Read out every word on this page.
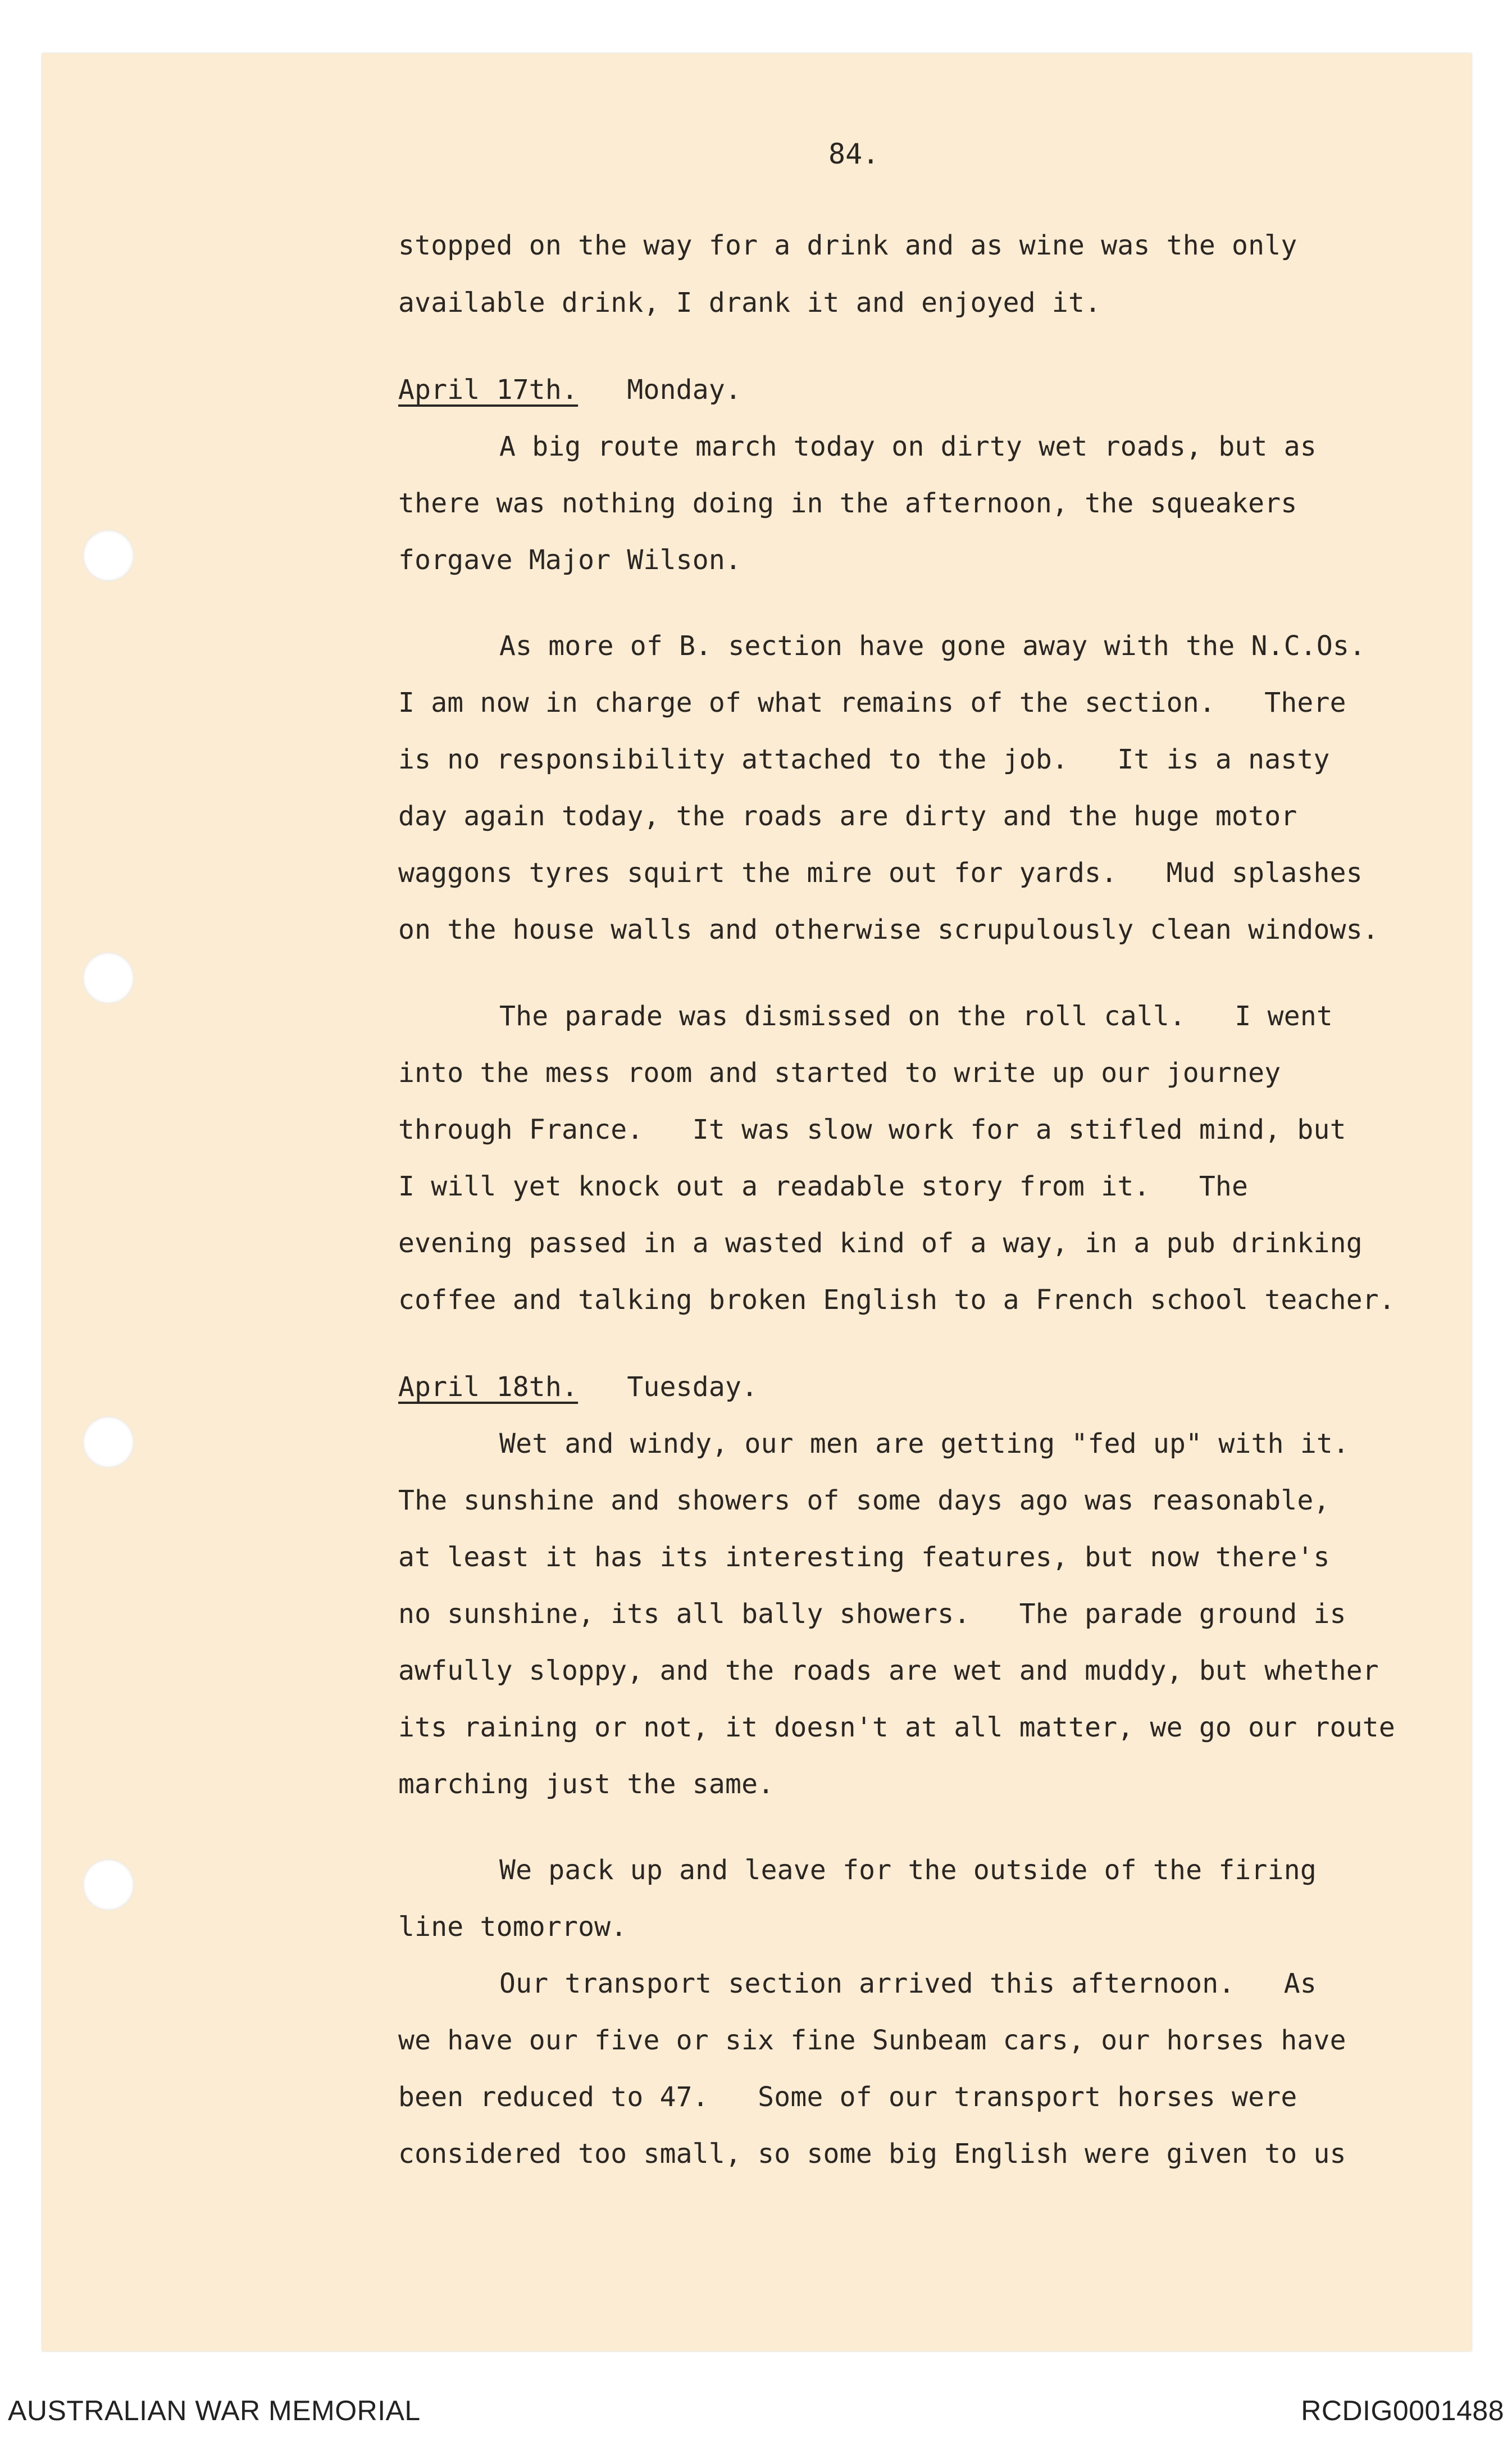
84.
stopped on the way for a drink and as wine was the only
available drink, I drank it and enjoyed it.
April 17th.   Monday.
A big route march today on dirty wet roads, but as
there was nothing doing in the afternoon, the squeakers
forgave Major Wilson.
As more of B. section have gone away with the N.C.Os.
I am now in charge of what remains of the section.   There
is no responsibility attached to the job.   It is a nasty
day again today, the roads are dirty and the huge motor
waggons tyres squirt the mire out for yards.   Mud splashes
on the house walls and otherwise scrupulously clean windows.
The parade was dismissed on the roll call.   I went
into the mess room and started to write up our journey
through France.   It was slow work for a stifled mind, but
I will yet knock out a readable story from it.   The
evening passed in a wasted kind of a way, in a pub drinking
coffee and talking broken English to a French school teacher.
April 18th.   Tuesday.
Wet and windy, our men are getting "fed up" with it.
The sunshine and showers of some days ago was reasonable,
at least it has its interesting features, but now there's
no sunshine, its all bally showers.   The parade ground is
awfully sloppy, and the roads are wet and muddy, but whether
its raining or not, it doesn't at all matter, we go our route
marching just the same.
We pack up and leave for the outside of the firing
line tomorrow.
Our transport section arrived this afternoon.   As
we have our five or six fine Sunbeam cars, our horses have
been reduced to 47.   Some of our transport horses were
considered too small, so some big English were given to us
AUSTRALIAN WAR MEMORIAL	RCDIG0001488
